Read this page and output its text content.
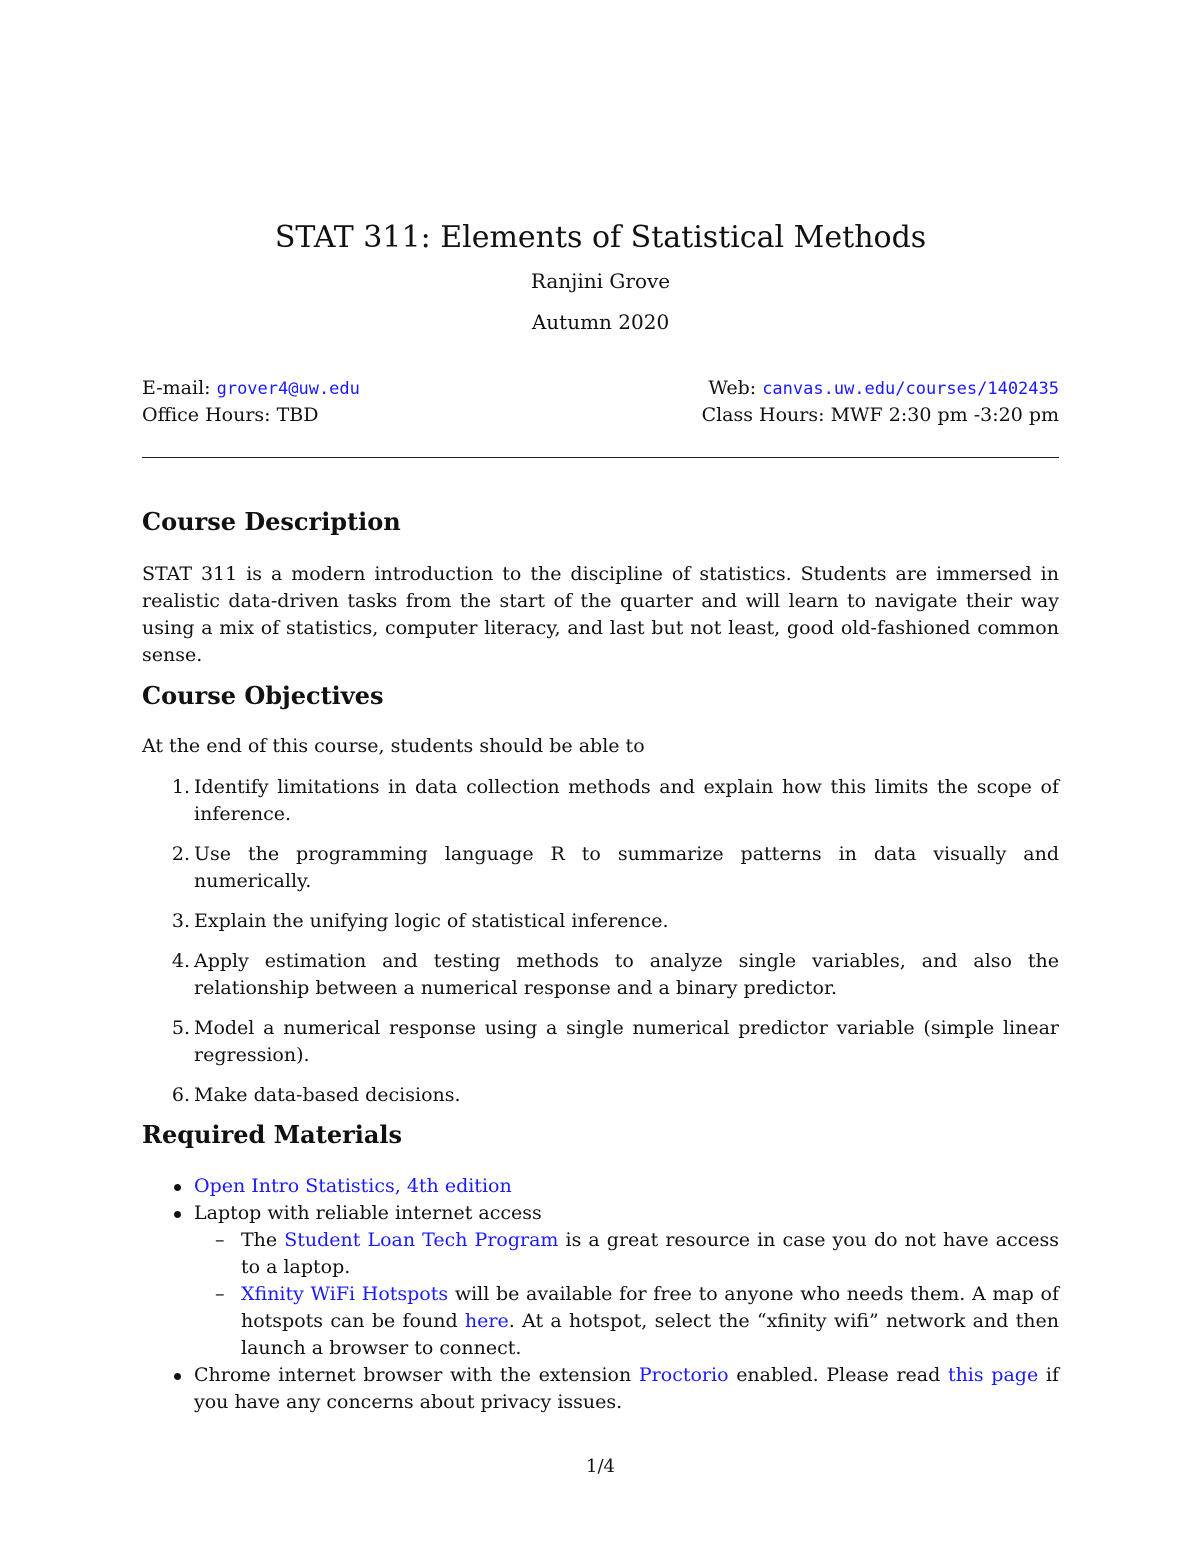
STAT 311: Elements of Statistical Methods
Ranjini Grove
Autumn 2020
E-mail: grover4@uw.edu	Web: canvas.uw.edu/courses/1402435
Office Hours: TBD	Class Hours: MWF 2:30 pm -3:20 pm
Course Description

STAT 311 is a modern introduction to the discipline of statistics. Students are immersed in realistic data-driven tasks from the start of the quarter and will learn to navigate their way using a mix of statistics, computer literacy, and last but not least, good old-fashioned common sense.

Course Objectives

At the end of this course, students should be able to

1. Identify limitations in data collection methods and explain how this limits the scope of inference.
2. Use the programming language R to summarize patterns in data visually and numerically.
3. Explain the unifying logic of statistical inference.
4. Apply estimation and testing methods to analyze single variables, and also the relationship between a numerical response and a binary predictor.
5. Model a numerical response using a single numerical predictor variable (simple linear regression).
6. Make data-based decisions.
Required Materials
Open Intro Statistics, 4th edition
Laptop with reliable internet access
– The Student Loan Tech Program is a great resource in case you do not have access to a laptop.
– Xfinity WiFi Hotspots will be available for free to anyone who needs them. A map of hotspots can be found here. At a hotspot, select the “xfinity wifi” network and then launch a browser to connect.
Chrome internet browser with the extension Proctorio enabled. Please read this page if you have any concerns about privacy issues.
1/4
